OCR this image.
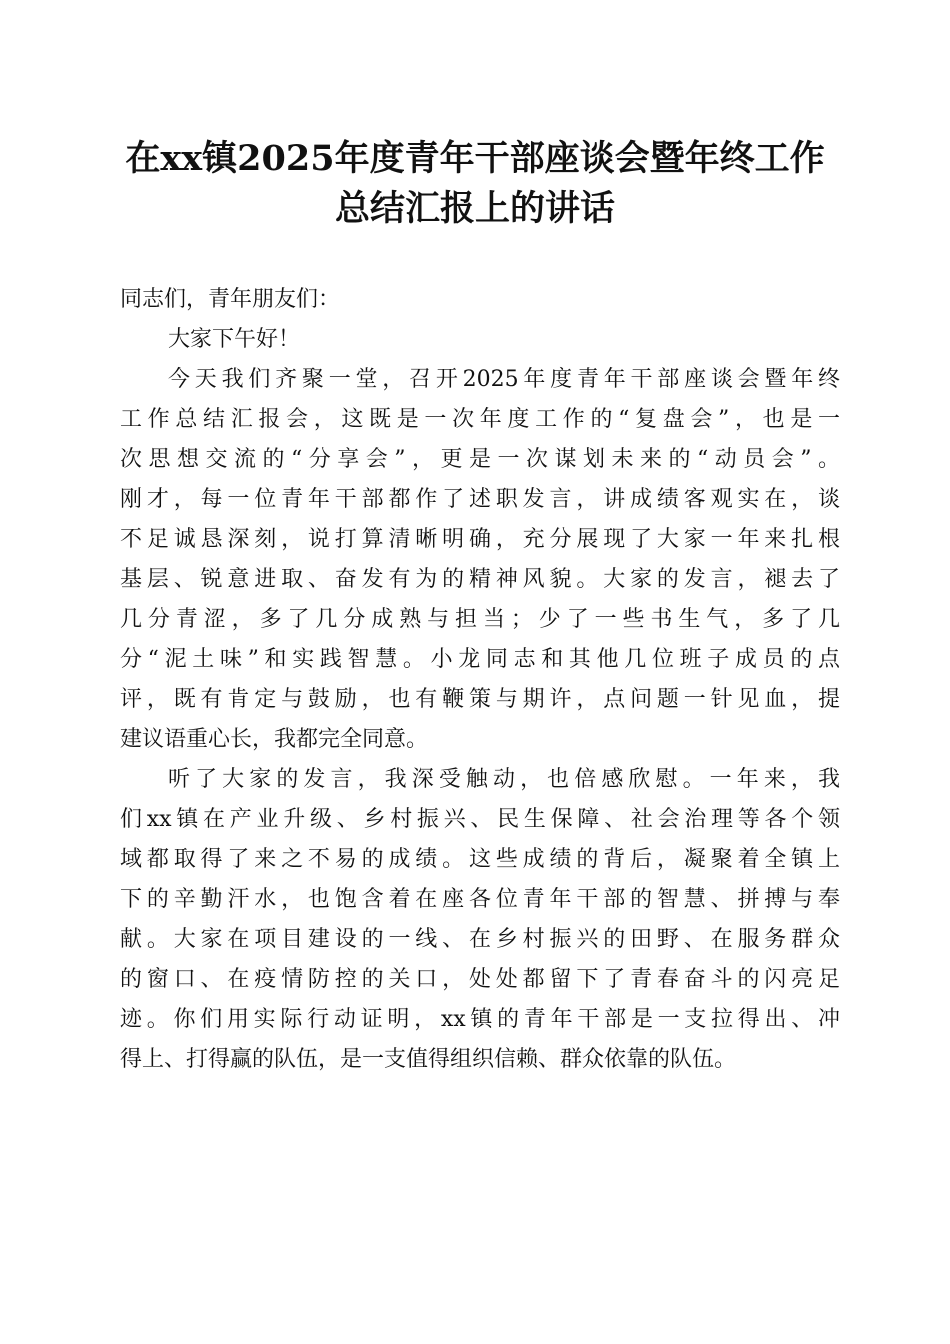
在xx镇2025年度青年干部座谈会暨年终工作
总结汇报上的讲话
同志们，青年朋友们：
大家下午好！
今天我们齐聚一堂，召开2025年度青年干部座谈会暨年终
工作总结汇报会，这既是一次年度工作的“复盘会”，也是一
次思想交流的“分享会”，更是一次谋划未来的“动员会”。
刚才，每一位青年干部都作了述职发言，讲成绩客观实在，谈
不足诚恳深刻，说打算清晰明确，充分展现了大家一年来扎根
基层、锐意进取、奋发有为的精神风貌。大家的发言，褪去了
几分青涩，多了几分成熟与担当；少了一些书生气，多了几
分“泥土味”和实践智慧。小龙同志和其他几位班子成员的点
评，既有肯定与鼓励，也有鞭策与期许，点问题一针见血，提
建议语重心长，我都完全同意。
听了大家的发言，我深受触动，也倍感欣慰。一年来，我
们xx镇在产业升级、乡村振兴、民生保障、社会治理等各个领
域都取得了来之不易的成绩。这些成绩的背后，凝聚着全镇上
下的辛勤汗水，也饱含着在座各位青年干部的智慧、拼搏与奉
献。大家在项目建设的一线、在乡村振兴的田野、在服务群众
的窗口、在疫情防控的关口，处处都留下了青春奋斗的闪亮足
迹。你们用实际行动证明，xx镇的青年干部是一支拉得出、冲
得上、打得赢的队伍，是一支值得组织信赖、群众依靠的队伍。
